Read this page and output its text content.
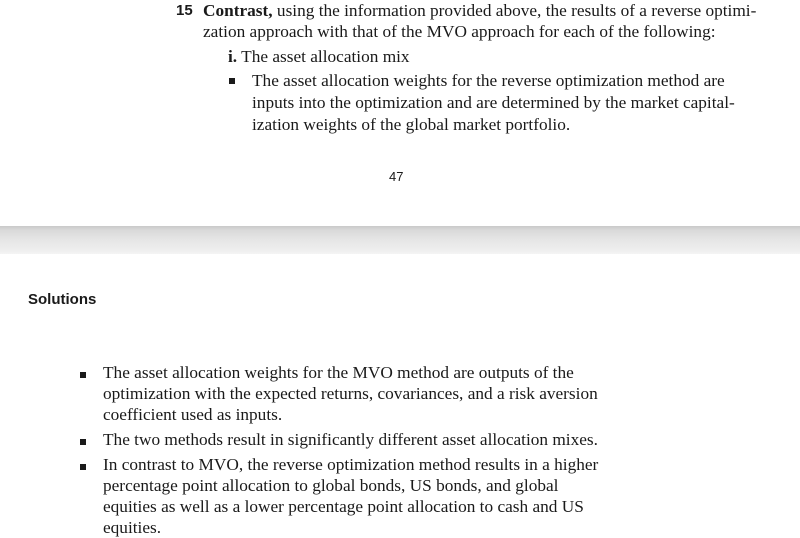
15 Contrast, using the information provided above, the results of a reverse optimi-
zation approach with that of the MVO approach for each of the following:
i. The asset allocation mix
The asset allocation weights for the reverse optimization method are
inputs into the optimization and are determined by the market capital-
ization weights of the global market portfolio.
47
Solutions
The asset allocation weights for the MVO method are outputs of the
optimization with the expected returns, covariances, and a risk aversion
coefficient used as inputs.
The two methods result in significantly different asset allocation mixes.
In contrast to MVO, the reverse optimization method results in a higher
percentage point allocation to global bonds, US bonds, and global
equities as well as a lower percentage point allocation to cash and US
equities.
